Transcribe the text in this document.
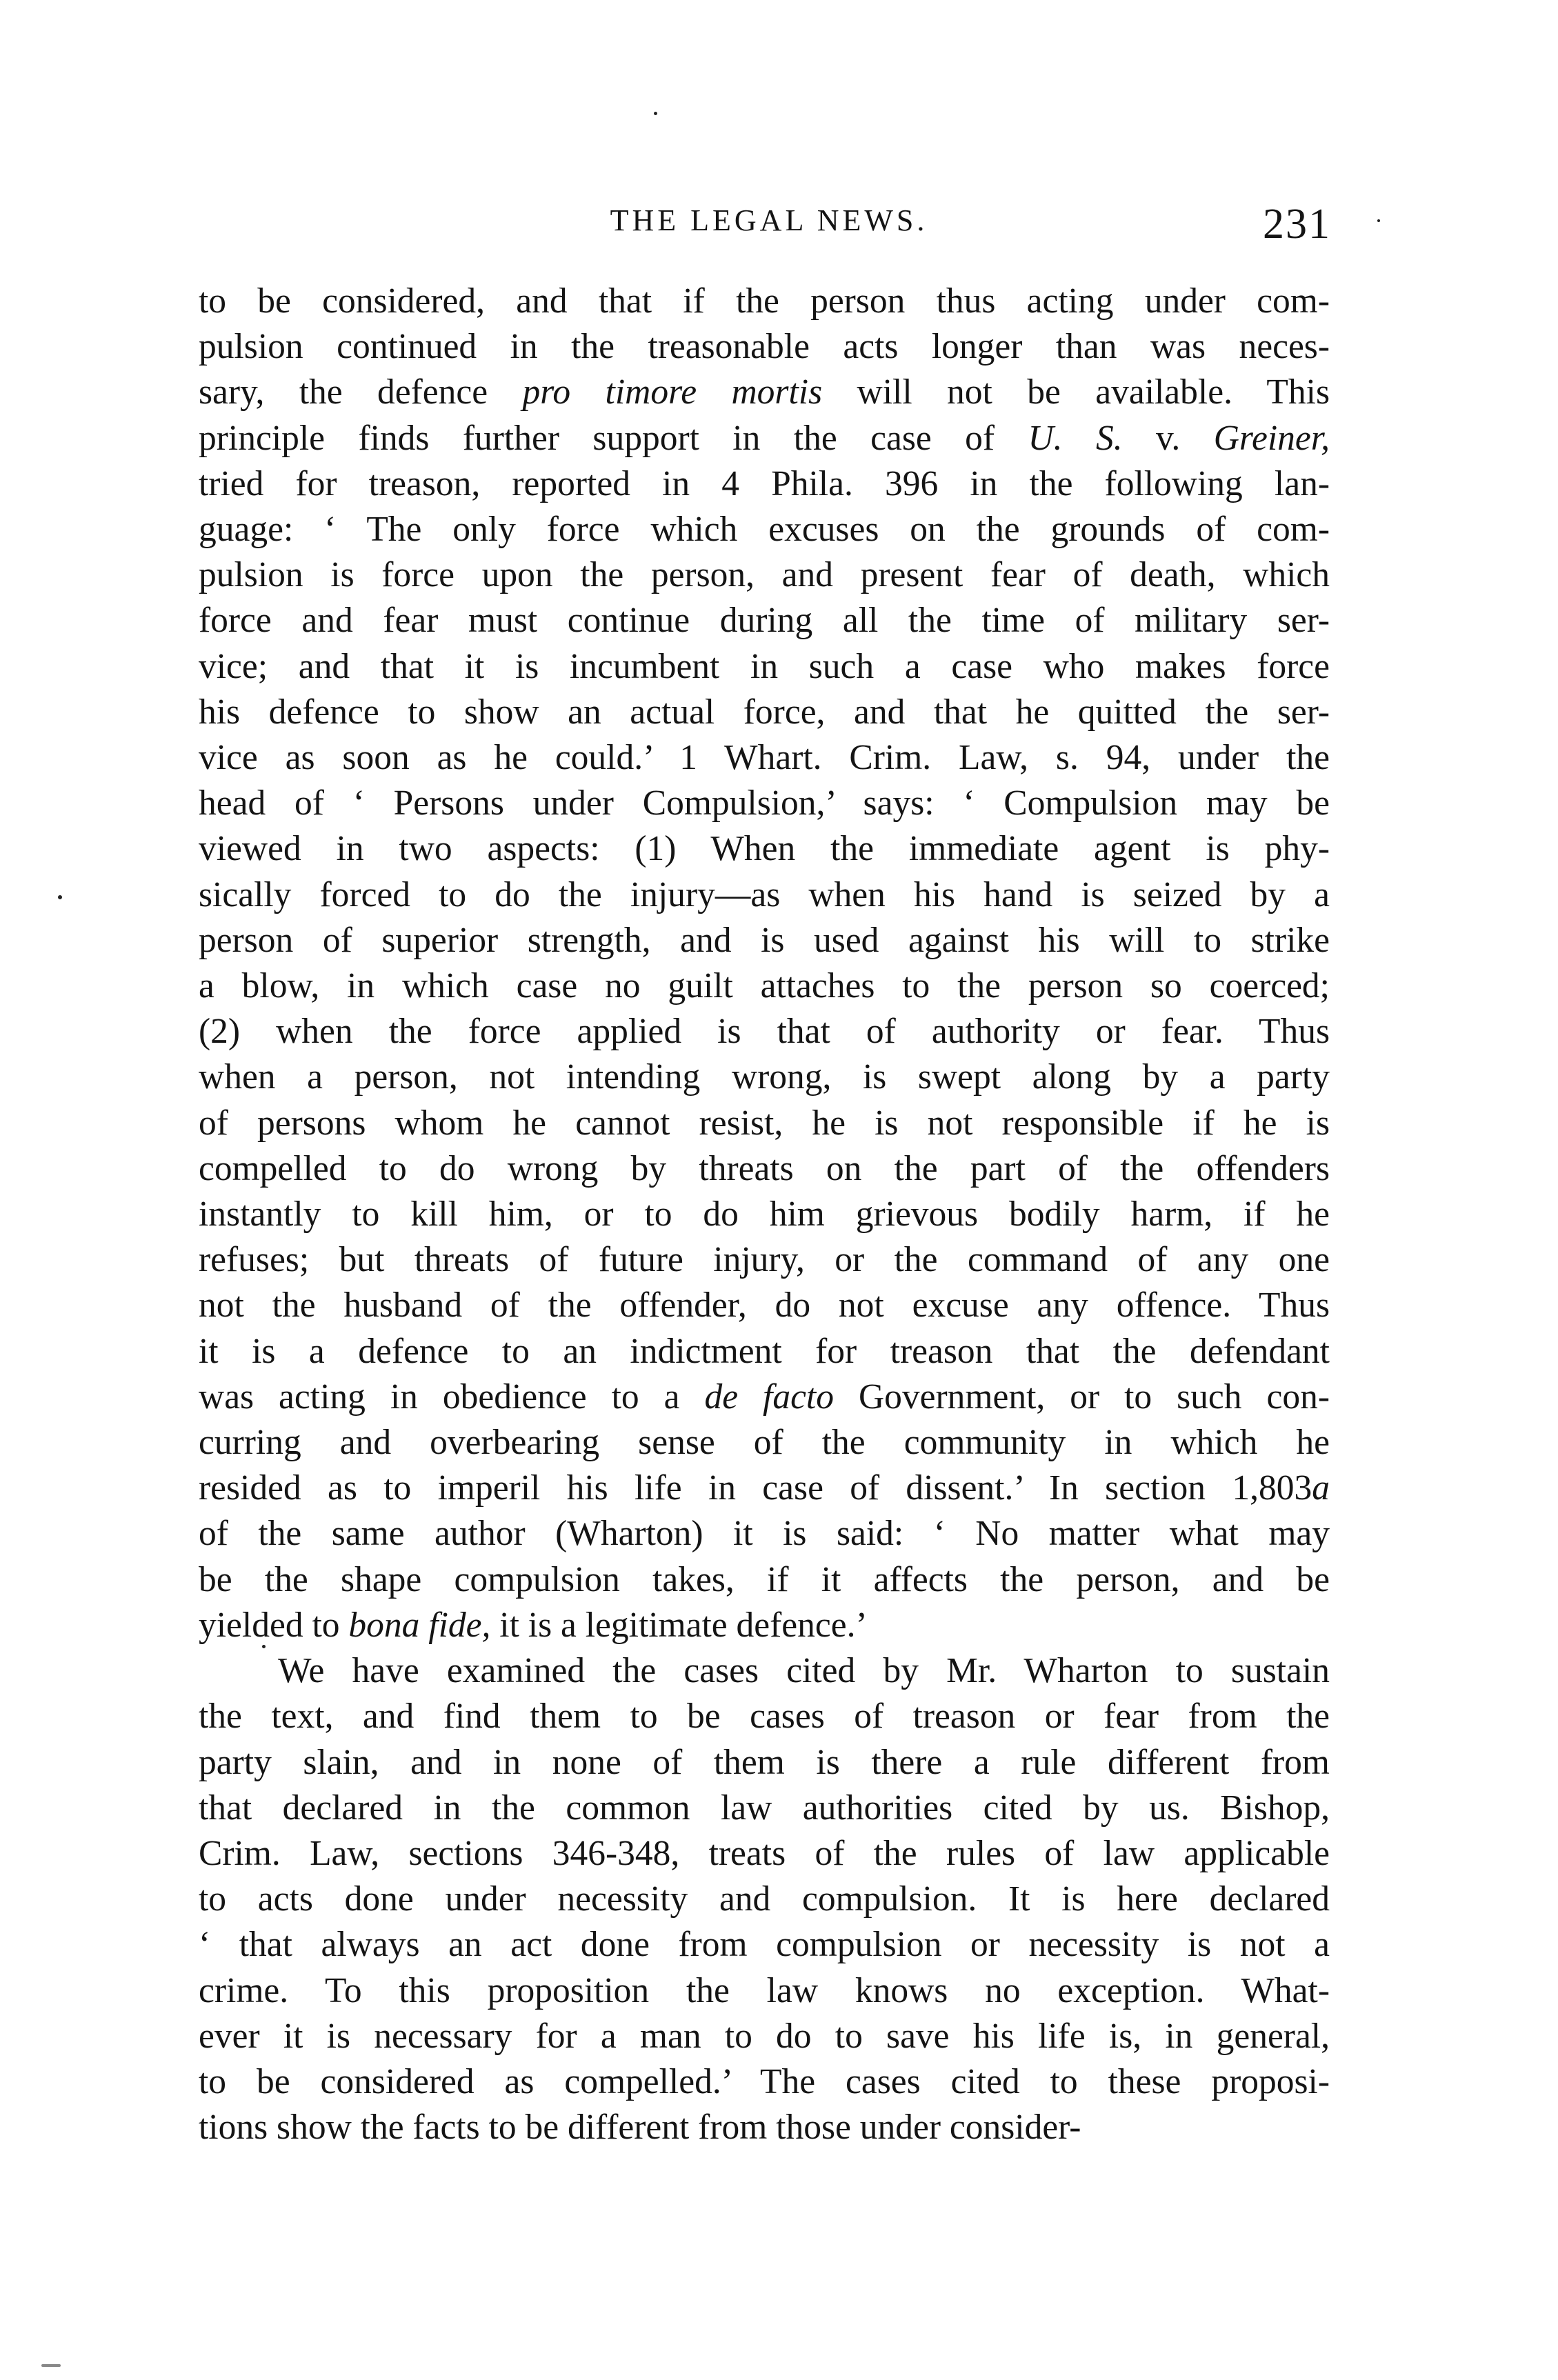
THE LEGAL NEWS.	231

to be considered, and that if the person thus acting under com-
pulsion continued in the treasonable acts longer than was neces-
sary, the defence pro timore mortis will not be available. This
principle finds further support in the case of U. S. v. Greiner,
tried for treason, reported in 4 Phila. 396 in the following lan-
guage: ‘ The only force which excuses on the grounds of com-
pulsion is force upon the person, and present fear of death, which
force and fear must continue during all the time of military ser-
vice; and that it is incumbent in such a case who makes force
his defence to show an actual force, and that he quitted the ser-
vice as soon as he could.’ 1 Whart. Crim. Law, s. 94, under the
head of ‘ Persons under Compulsion,’ says: ‘ Compulsion may be
viewed in two aspects: (1) When the immediate agent is phy-
sically forced to do the injury—as when his hand is seized by a
person of superior strength, and is used against his will to strike
a blow, in which case no guilt attaches to the person so coerced;
(2) when the force applied is that of authority or fear. Thus
when a person, not intending wrong, is swept along by a party
of persons whom he cannot resist, he is not responsible if he is
compelled to do wrong by threats on the part of the offenders
instantly to kill him, or to do him grievous bodily harm, if he
refuses; but threats of future injury, or the command of any one
not the husband of the offender, do not excuse any offence. Thus
it is a defence to an indictment for treason that the defendant
was acting in obedience to a de facto Government, or to such con-
curring and overbearing sense of the community in which he
resided as to imperil his life in case of dissent.’ In section 1,803a
of the same author (Wharton) it is said: ‘ No matter what may
be the shape compulsion takes, if it affects the person, and be
yielded to bona fide, it is a legitimate defence.’

We have examined the cases cited by Mr. Wharton to sustain
the text, and find them to be cases of treason or fear from the
party slain, and in none of them is there a rule different from
that declared in the common law authorities cited by us. Bishop,
Crim. Law, sections 346-348, treats of the rules of law applicable
to acts done under necessity and compulsion. It is here declared
‘ that always an act done from compulsion or necessity is not a
crime. To this proposition the law knows no exception. What-
ever it is necessary for a man to do to save his life is, in general,
to be considered as compelled.’ The cases cited to these proposi-
tions show the facts to be different from those under consider-
